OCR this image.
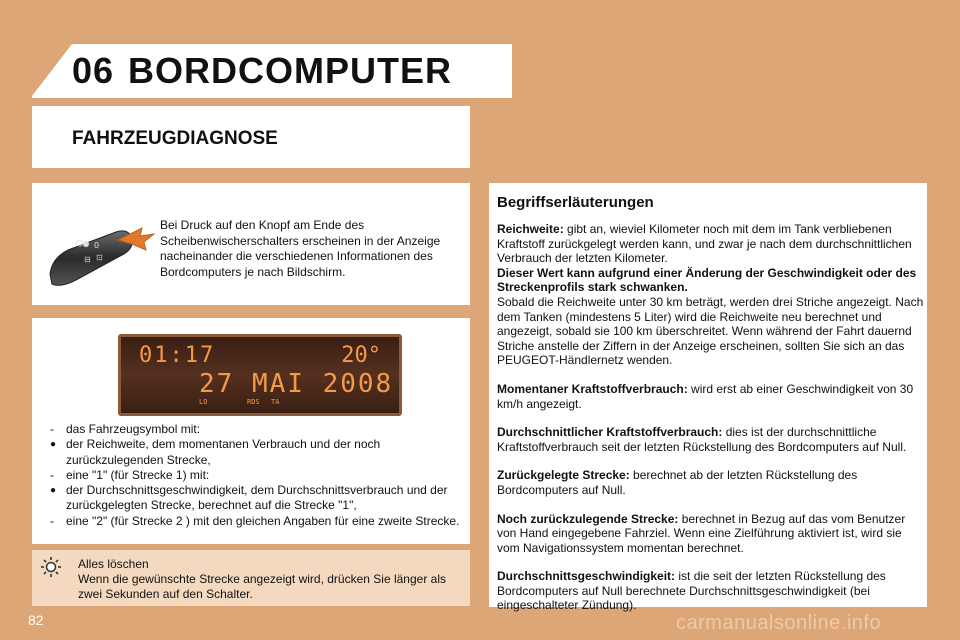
06 BORDCOMPUTER
FAHRZEUGDIAGNOSE
⌬ 0
⊟ ⊡
Bei Druck auf den Knopf am Ende des Scheibenwischerschalters erscheinen in der Anzeige nacheinander die verschiedenen Informationen des Bordcomputers je nach Bildschirm.
01:17	20°
27 MAI 2008
LO	RDS TA
-	das Fahrzeugsymbol mit:
● der Reichweite, dem momentanen Verbrauch und der noch zurückzulegenden Strecke,
-	eine "1" (für Strecke 1) mit:
● der Durchschnittsgeschwindigkeit, dem Durchschnittsverbrauch und der zurückgelegten Strecke, berechnet auf die Strecke "1",
-	eine "2" (für Strecke 2 ) mit den gleichen Angaben für eine zweite Strecke.
Alles löschen
Wenn die gewünschte Strecke angezeigt wird, drücken Sie länger als zwei Sekunden auf den Schalter.
Begriffserläuterungen

Reichweite: gibt an, wieviel Kilometer noch mit dem im Tank verbliebenen Kraftstoff zurückgelegt werden kann, und zwar je nach dem durchschnittlichen Verbrauch der letzten Kilometer.
Dieser Wert kann aufgrund einer Änderung der Geschwindigkeit oder des Streckenprofils stark schwanken.
Sobald die Reichweite unter 30 km beträgt, werden drei Striche angezeigt. Nach dem Tanken (mindestens 5 Liter) wird die Reichweite neu berechnet und angezeigt, sobald sie 100 km überschreitet. Wenn während der Fahrt dauernd Striche anstelle der Ziffern in der Anzeige erscheinen, sollten Sie sich an das PEUGEOT-Händlernetz wenden.

Momentaner Kraftstoffverbrauch: wird erst ab einer Geschwindigkeit von 30 km/h angezeigt.

Durchschnittlicher Kraftstoffverbrauch: dies ist der durchschnittliche Kraftstoffverbrauch seit der letzten Rückstellung des Bordcomputers auf Null.

Zurückgelegte Strecke: berechnet ab der letzten Rückstellung des Bordcomputers auf Null.

Noch zurückzulegende Strecke: berechnet in Bezug auf das vom Benutzer von Hand eingegebene Fahrziel. Wenn eine Zielführung aktiviert ist, wird sie vom Navigationssystem momentan berechnet.

Durchschnittsgeschwindigkeit: ist die seit der letzten Rückstellung des Bordcomputers auf Null berechnete Durchschnittsgeschwindigkeit (bei eingeschalteter Zündung).

82	carmanualsonline.info
